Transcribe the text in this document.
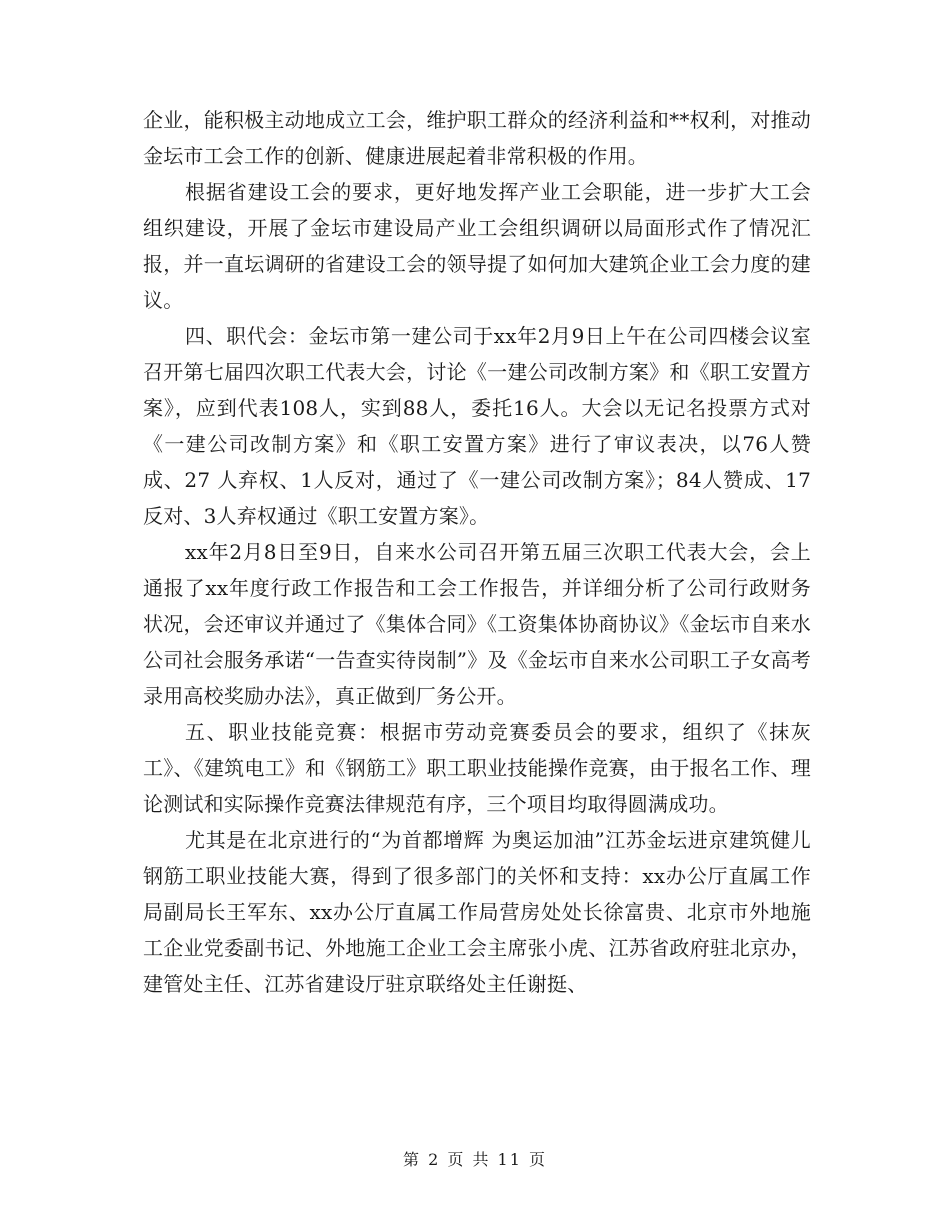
企业，能积极主动地成立工会，维护职工群众的经济利益和**权利，对推动金坛市工会工作的创新、健康进展起着非常积极的作用。

根据省建设工会的要求，更好地发挥产业工会职能，进一步扩大工会组织建设，开展了金坛市建设局产业工会组织调研以局面形式作了情况汇报，并一直坛调研的省建设工会的领导提了如何加大建筑企业工会力度的建议。

四、职代会：金坛市第一建公司于xx年2月9日上午在公司四楼会议室召开第七届四次职工代表大会，讨论《一建公司改制方案》和《职工安置方案》，应到代表108人，实到88人，委托16人。大会以无记名投票方式对《一建公司改制方案》和《职工安置方案》进行了审议表决，以76人赞成、27 人弃权、1人反对，通过了《一建公司改制方案》；84人赞成、17反对、3人弃权通过《职工安置方案》。

xx年2月8日至9日，自来水公司召开第五届三次职工代表大会，会上通报了xx年度行政工作报告和工会工作报告，并详细分析了公司行政财务状况，会还审议并通过了《集体合同》《工资集体协商协议》《金坛市自来水公司社会服务承诺“一告查实待岗制”》及《金坛市自来水公司职工子女高考录用高校奖励办法》，真正做到厂务公开。

五、职业技能竞赛：根据市劳动竞赛委员会的要求，组织了《抹灰工》、《建筑电工》和《钢筋工》职工职业技能操作竞赛，由于报名工作、理论测试和实际操作竞赛法律规范有序，三个项目均取得圆满成功。

尤其是在北京进行的“为首都增辉 为奥运加油”江苏金坛进京建筑健儿钢筋工职业技能大赛，得到了很多部门的关怀和支持：xx办公厅直属工作局副局长王军东、xx办公厅直属工作局营房处处长徐富贵、北京市外地施工企业党委副书记、外地施工企业工会主席张小虎、江苏省政府驻北京办，建管处主任、江苏省建设厅驻京联络处主任谢挺、

第 2 页 共 11 页
